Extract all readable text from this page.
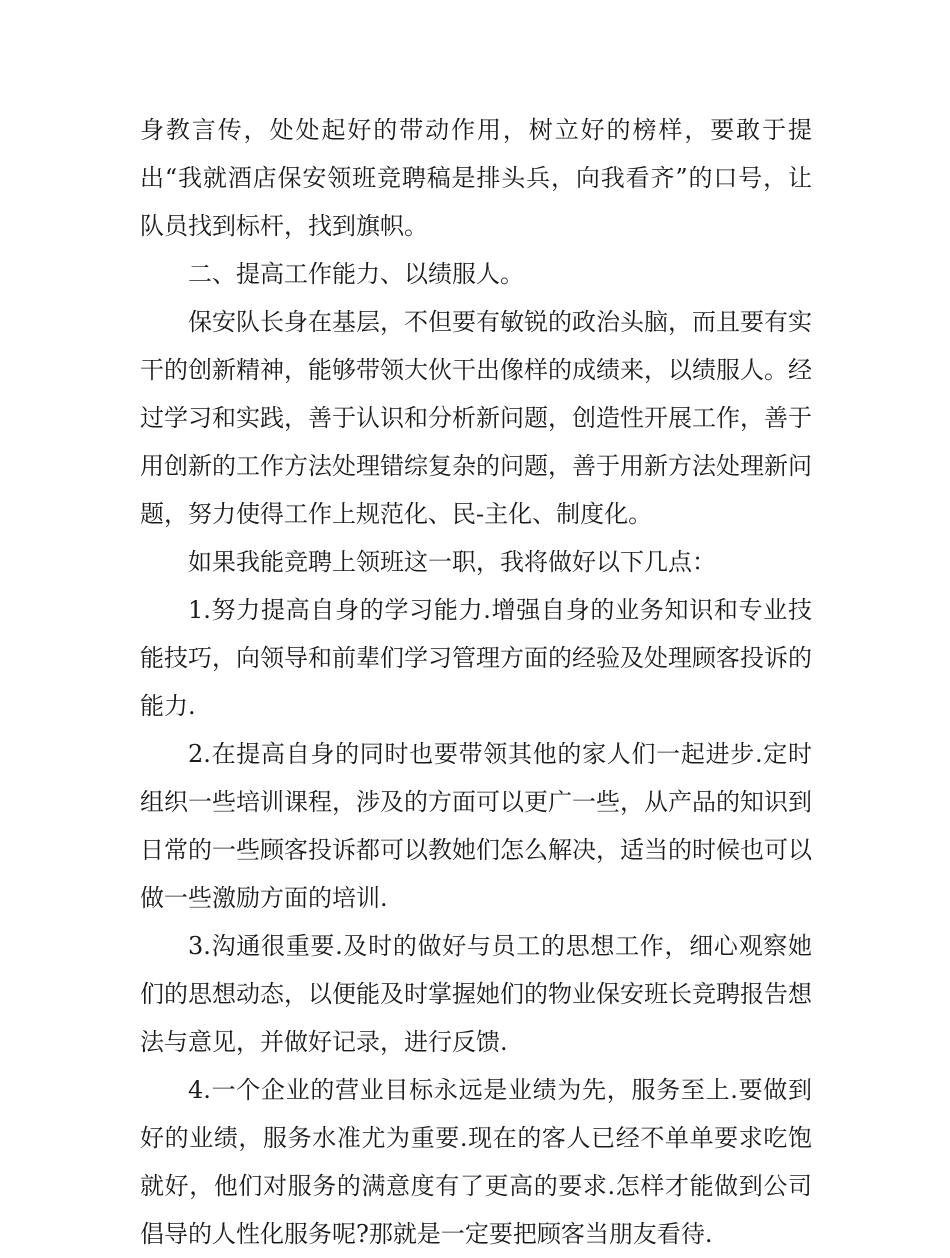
身教言传，处处起好的带动作用，树立好的榜样，要敢于提出“我就酒店保安领班竞聘稿是排头兵，向我看齐”的口号，让队员找到标杆，找到旗帜。

二、提高工作能力、以绩服人。

保安队长身在基层，不但要有敏锐的政治头脑，而且要有实干的创新精神，能够带领大伙干出像样的成绩来，以绩服人。经过学习和实践，善于认识和分析新问题，创造性开展工作，善于用创新的工作方法处理错综复杂的问题，善于用新方法处理新问题，努力使得工作上规范化、民-主化、制度化。

如果我能竞聘上领班这一职，我将做好以下几点：

1.努力提高自身的学习能力.增强自身的业务知识和专业技能技巧，向领导和前辈们学习管理方面的经验及处理顾客投诉的能力.

2.在提高自身的同时也要带领其他的家人们一起进步.定时组织一些培训课程，涉及的方面可以更广一些，从产品的知识到日常的一些顾客投诉都可以教她们怎么解决，适当的时候也可以做一些激励方面的培训.

3.沟通很重要.及时的做好与员工的思想工作，细心观察她们的思想动态，以便能及时掌握她们的物业保安班长竞聘报告想法与意见，并做好记录，进行反馈.

4.一个企业的营业目标永远是业绩为先，服务至上.要做到好的业绩，服务水准尤为重要.现在的客人已经不单单要求吃饱就好，他们对服务的满意度有了更高的要求.怎样才能做到公司倡导的人性化服务呢?那就是一定要把顾客当朋友看待.
